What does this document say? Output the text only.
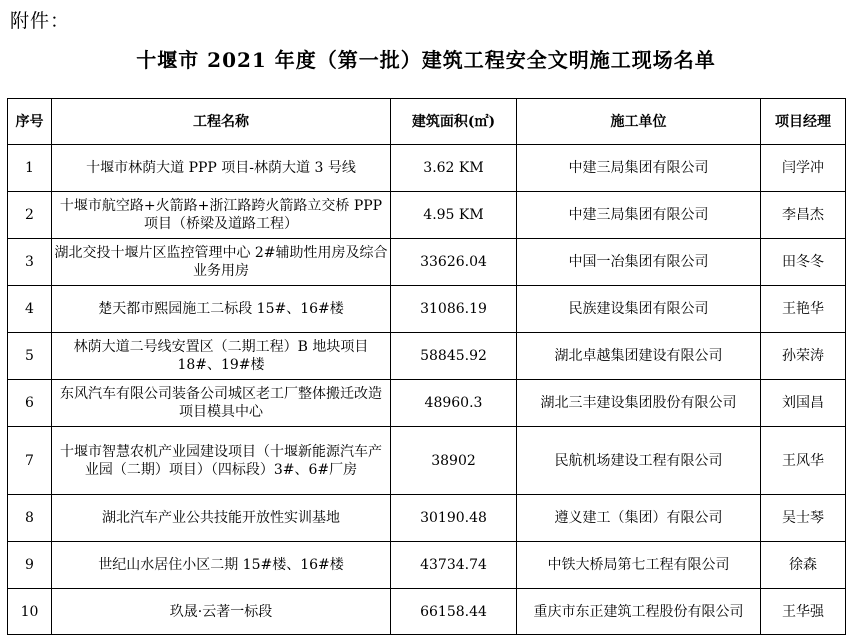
附件：
十堰市 2021 年度（第一批）建筑工程安全文明施工现场名单
序号	工程名称	建筑面积(㎡)	施工单位	项目经理
1	十堰市林荫大道 PPP 项目-林荫大道 3 号线	3.62 KM	中建三局集团有限公司	闫学冲
2	十堰市航空路+火箭路+浙江路跨火箭路立交桥 PPP 项目（桥梁及道路工程）	4.95 KM	中建三局集团有限公司	李昌杰
3	湖北交投十堰片区监控管理中心 2#辅助性用房及综合业务用房	33626.04	中国一冶集团有限公司	田冬冬
4	楚天都市熙园施工二标段 15#、16#楼	31086.19	民族建设集团有限公司	王艳华
5	林荫大道二号线安置区（二期工程）B 地块项目 18#、19#楼	58845.92	湖北卓越集团建设有限公司	孙荣涛
6	东风汽车有限公司装备公司城区老工厂整体搬迁改造项目模具中心	48960.3	湖北三丰建设集团股份有限公司	刘国昌
7	十堰市智慧农机产业园建设项目（十堰新能源汽车产业园（二期）项目）（四标段）3#、6#厂房	38902	民航机场建设工程有限公司	王风华
8	湖北汽车产业公共技能开放性实训基地	30190.48	遵义建工（集团）有限公司	吴士琴
9	世纪山水居住小区二期 15#楼、16#楼	43734.74	中铁大桥局第七工程有限公司	徐森
10	玖晟·云著一标段	66158.44	重庆市东正建筑工程股份有限公司	王华强
